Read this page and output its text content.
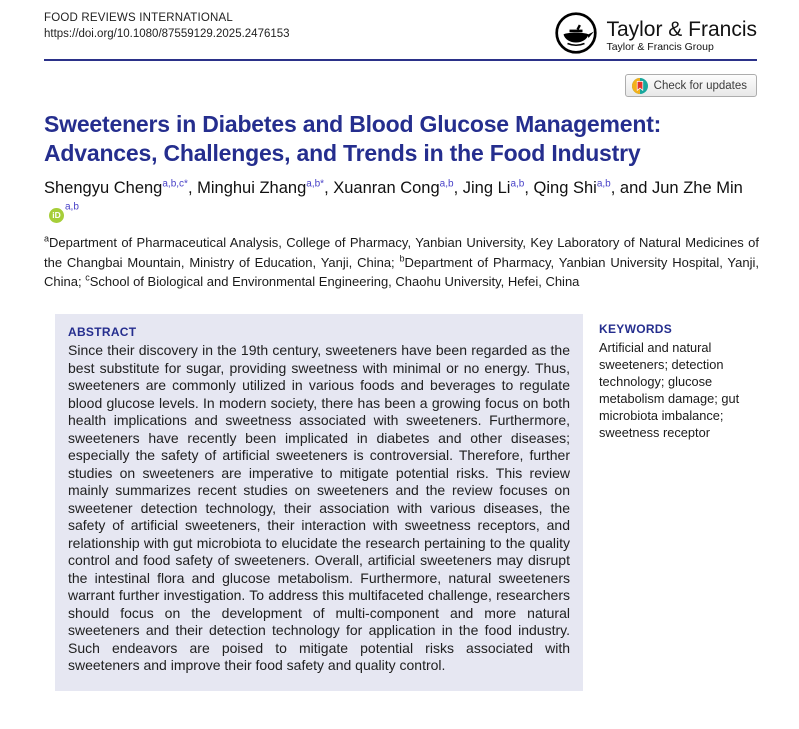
FOOD REVIEWS INTERNATIONAL
https://doi.org/10.1080/87559129.2025.2476153	Taylor & Francis
Taylor & Francis Group
Check for updates
Sweeteners in Diabetes and Blood Glucose Management: Advances, Challenges, and Trends in the Food Industry
Shengyu Cheng$^{a,b,c*}$, Minghui Zhang$^{a,b*}$, Xuanran Cong$^{a,b}$, Jing Li$^{a,b}$, Qing Shi$^{a,b}$, and Jun Zhe MiniD$^{a,b}$
$^a$Department of Pharmaceutical Analysis, College of Pharmacy, Yanbian University, Key Laboratory of Natural Medicines of the Changbai Mountain, Ministry of Education, Yanji, China; $^b$Department of Pharmacy, Yanbian University Hospital, Yanji, China; $^c$School of Biological and Environmental Engineering, Chaohu University, Hefei, China
ABSTRACT

Since their discovery in the 19th century, sweeteners have been regarded as the best substitute for sugar, providing sweetness with minimal or no energy. Thus, sweeteners are commonly utilized in various foods and beverages to regulate blood glucose levels. In modern society, there has been a growing focus on both health implications and sweetness associated with sweeteners. Furthermore, sweeteners have recently been implicated in diabetes and other diseases; especially the safety of artificial sweeteners is controversial. Therefore, further studies on sweeteners are imperative to mitigate potential risks. This review mainly summarizes recent studies on sweeteners and the review focuses on sweetener detection technology, their association with various diseases, the safety of artificial sweeteners, their interaction with sweetness receptors, and relationship with gut microbiota to elucidate the research pertaining to the quality control and food safety of sweeteners. Overall, artificial sweeteners may disrupt the intestinal flora and glucose metabolism. Furthermore, natural sweeteners warrant further investigation. To address this multifaceted challenge, researchers should focus on the development of multi-component and more natural sweeteners and their detection technology for application in the food industry. Such endeavors are poised to mitigate potential risks associated with sweeteners and improve their food safety and quality control.

KEYWORDS

Artificial and natural sweeteners; detection technology; glucose metabolism damage; gut microbiota imbalance; sweetness receptor
